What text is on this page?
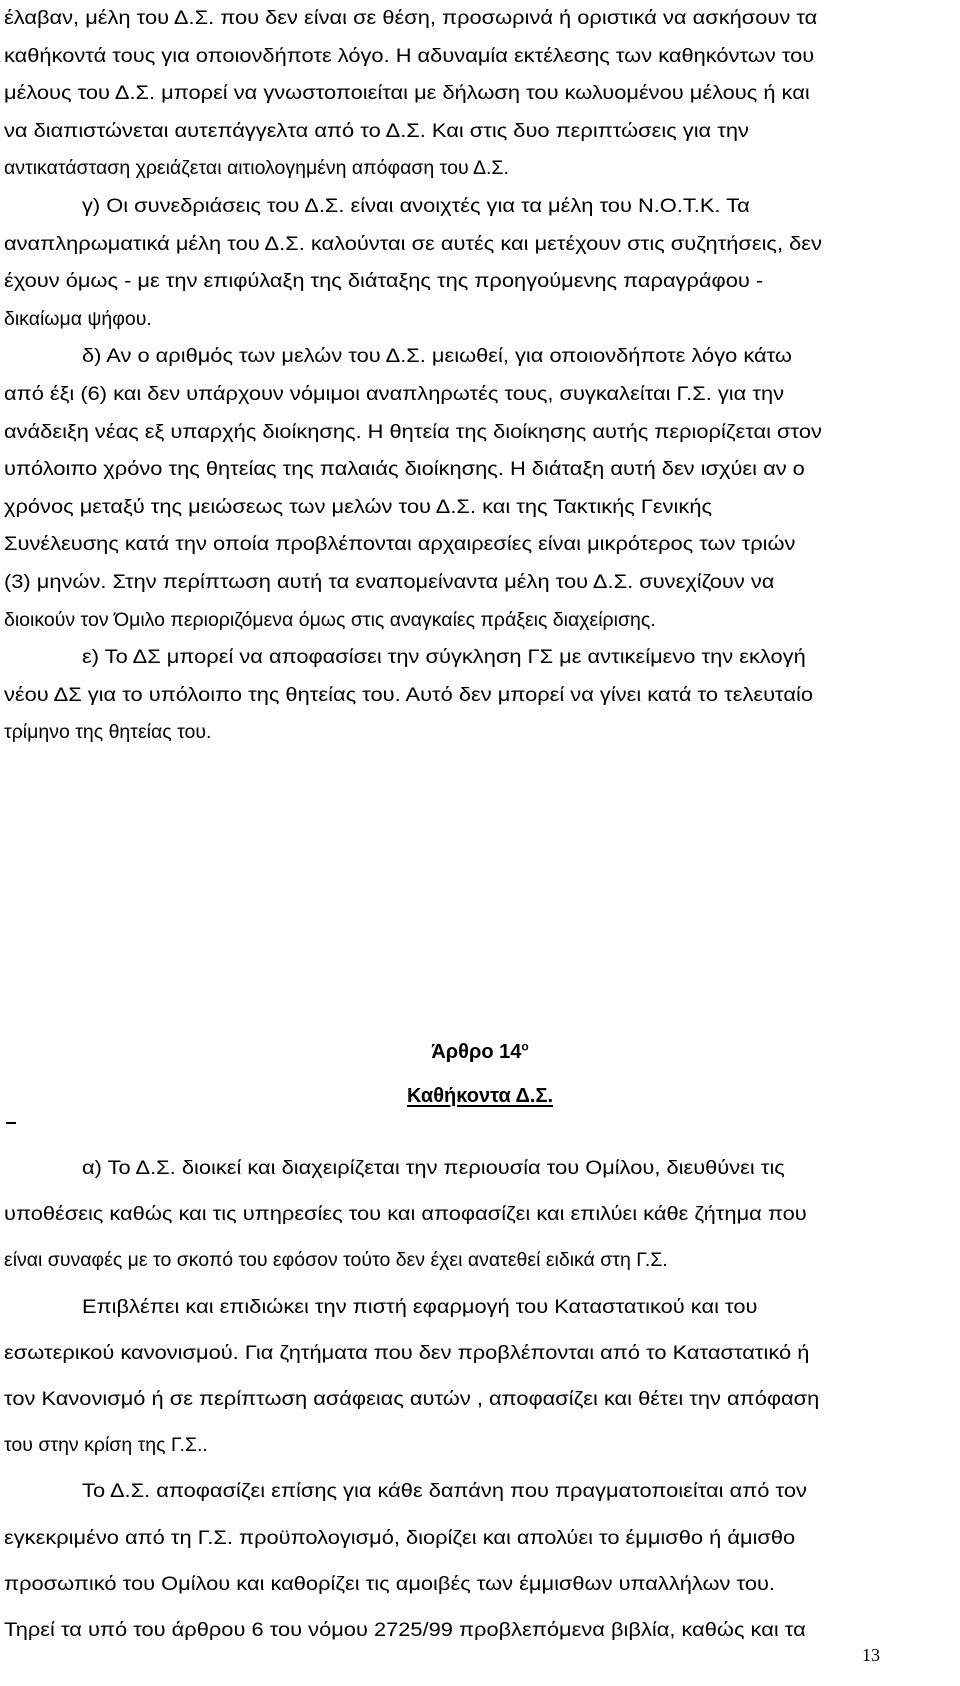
έλαβαν, μέλη του Δ.Σ. που δεν είναι σε θέση, προσωρινά ή οριστικά να ασκήσουν τα
καθήκοντά τους για οποιονδήποτε λόγο. Η αδυναμία εκτέλεσης των καθηκόντων του
μέλους του Δ.Σ. μπορεί να γνωστοποιείται με δήλωση του κωλυομένου μέλους ή και
να διαπιστώνεται αυτεπάγγελτα από το Δ.Σ. Και στις δυο περιπτώσεις για την
αντικατάσταση χρειάζεται αιτιολογημένη απόφαση του Δ.Σ.
γ) Οι συνεδριάσεις του Δ.Σ. είναι ανοιχτές για τα μέλη του Ν.Ο.Τ.Κ. Τα
αναπληρωματικά μέλη του Δ.Σ. καλούνται σε αυτές και μετέχουν στις συζητήσεις, δεν
έχουν όμως - με την επιφύλαξη της διάταξης της προηγούμενης παραγράφου -
δικαίωμα ψήφου.
δ) Αν ο αριθμός των μελών του Δ.Σ. μειωθεί, για οποιονδήποτε λόγο κάτω
από έξι (6) και δεν υπάρχουν νόμιμοι αναπληρωτές τους, συγκαλείται Γ.Σ. για την
ανάδειξη νέας εξ υπαρχής διοίκησης. Η θητεία της διοίκησης αυτής περιορίζεται στον
υπόλοιπο χρόνο της θητείας της παλαιάς διοίκησης. Η διάταξη αυτή δεν ισχύει αν ο
χρόνος μεταξύ της μειώσεως των μελών του Δ.Σ. και της Τακτικής Γενικής
Συνέλευσης κατά την οποία προβλέπονται αρχαιρεσίες είναι μικρότερος των τριών
(3) μηνών. Στην περίπτωση αυτή τα εναπομείναντα μέλη του Δ.Σ. συνεχίζουν να
διοικούν τον Όμιλο περιοριζόμενα όμως στις αναγκαίες πράξεις διαχείρισης.
ε) Το ΔΣ μπορεί να αποφασίσει την σύγκληση ΓΣ με αντικείμενο την εκλογή
νέου ΔΣ για το υπόλοιπο της θητείας του. Αυτό δεν μπορεί να γίνει κατά το τελευταίο
τρίμηνο της θητείας του.
Άρθρο $14^o$
Καθήκοντα Δ.Σ.
α) Το Δ.Σ. διοικεί και διαχειρίζεται την περιουσία του Ομίλου, διευθύνει τις
υποθέσεις καθώς και τις υπηρεσίες του και αποφασίζει και επιλύει κάθε ζήτημα που
είναι συναφές με το σκοπό του εφόσον τούτο δεν έχει ανατεθεί ειδικά στη Γ.Σ.
Επιβλέπει και επιδιώκει την πιστή εφαρμογή του Καταστατικού και του
εσωτερικού κανονισμού. Για ζητήματα που δεν προβλέπονται από το Καταστατικό ή
τον Κανονισμό ή σε περίπτωση ασάφειας αυτών , αποφασίζει και θέτει την απόφαση
του στην κρίση της Γ.Σ..
Το Δ.Σ. αποφασίζει επίσης για κάθε δαπάνη που πραγματοποιείται από τον
εγκεκριμένο από τη Γ.Σ. προϋπολογισμό, διορίζει και απολύει το έμμισθο ή άμισθο
προσωπικό του Ομίλου και καθορίζει τις αμοιβές των έμμισθων υπαλλήλων του.
Τηρεί τα υπό του άρθρου 6 του νόμου 2725/99 προβλεπόμενα βιβλία, καθώς και τα
13
